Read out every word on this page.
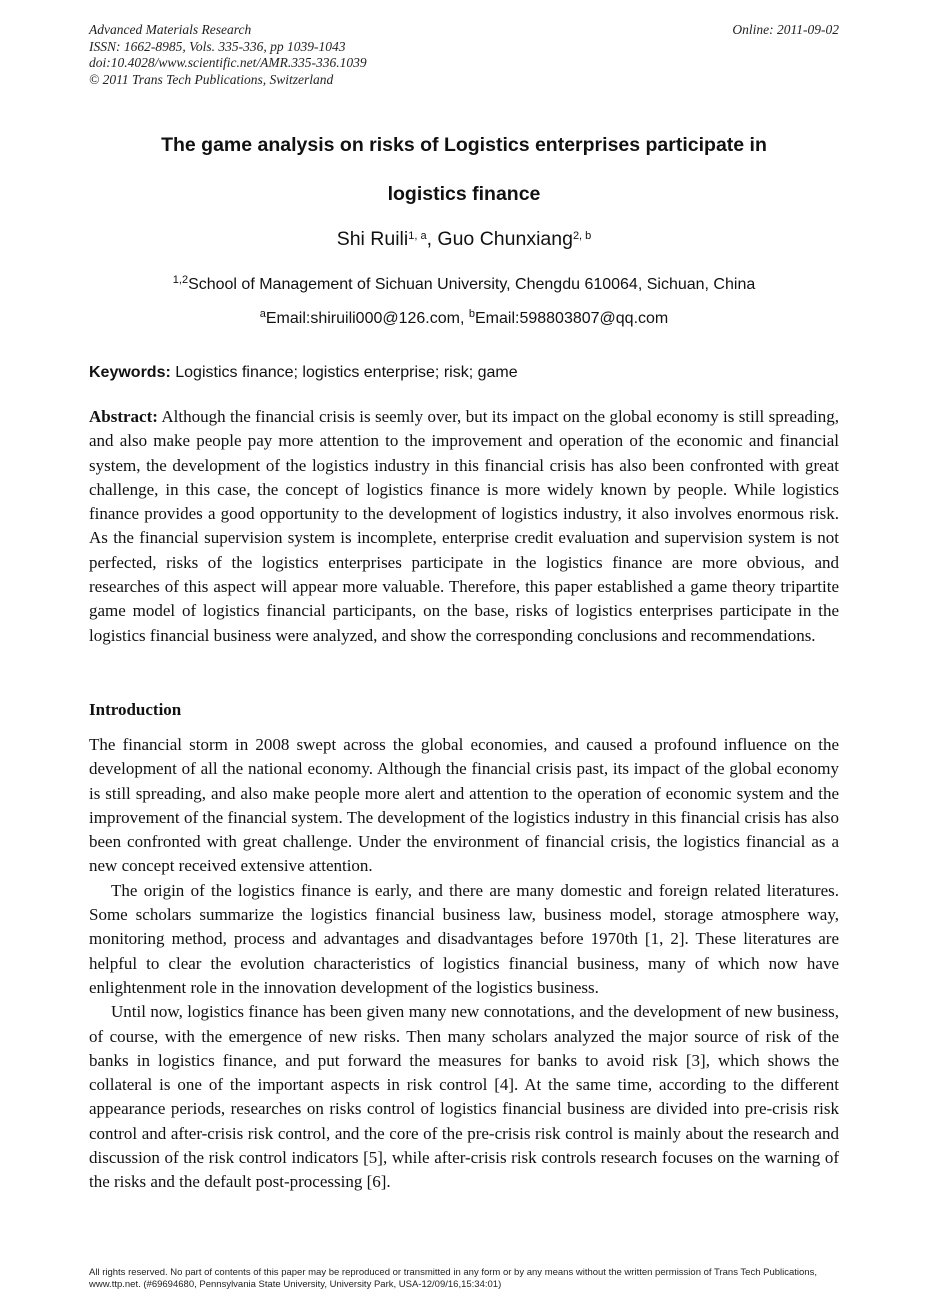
Advanced Materials Research
ISSN: 1662-8985, Vols. 335-336, pp 1039-1043
doi:10.4028/www.scientific.net/AMR.335-336.1039
© 2011 Trans Tech Publications, Switzerland
Online: 2011-09-02
The game analysis on risks of Logistics enterprises participate in
logistics finance
Shi Ruili$^{1, a}$, Guo Chunxiang$^{2, b}$
$^{1,2}$School of Management of Sichuan University, Chengdu 610064, Sichuan, China
$^a$Email:shiruili000@126.com, $^b$Email:598803807@qq.com
Keywords: Logistics finance; logistics enterprise; risk; game
Abstract: Although the financial crisis is seemly over, but its impact on the global economy is still spreading, and also make people pay more attention to the improvement and operation of the economic and financial system, the development of the logistics industry in this financial crisis has also been confronted with great challenge, in this case, the concept of logistics finance is more widely known by people. While logistics finance provides a good opportunity to the development of logistics industry, it also involves enormous risk. As the financial supervision system is incomplete, enterprise credit evaluation and supervision system is not perfected, risks of the logistics enterprises participate in the logistics finance are more obvious, and researches of this aspect will appear more valuable. Therefore, this paper established a game theory tripartite game model of logistics financial participants, on the base, risks of logistics enterprises participate in the logistics financial business were analyzed, and show the corresponding conclusions and recommendations.
Introduction

The financial storm in 2008 swept across the global economies, and caused a profound influence on the development of all the national economy. Although the financial crisis past, its impact of the global economy is still spreading, and also make people more alert and attention to the operation of economic system and the improvement of the financial system. The development of the logistics industry in this financial crisis has also been confronted with great challenge. Under the environment of financial crisis, the logistics financial as a new concept received extensive attention.

The origin of the logistics finance is early, and there are many domestic and foreign related literatures. Some scholars summarize the logistics financial business law, business model, storage atmosphere way, monitoring method, process and advantages and disadvantages before 1970th [1, 2]. These literatures are helpful to clear the evolution characteristics of logistics financial business, many of which now have enlightenment role in the innovation development of the logistics business.

Until now, logistics finance has been given many new connotations, and the development of new business, of course, with the emergence of new risks. Then many scholars analyzed the major source of risk of the banks in logistics finance, and put forward the measures for banks to avoid risk [3], which shows the collateral is one of the important aspects in risk control [4]. At the same time, according to the different appearance periods, researches on risks control of logistics financial business are divided into pre-crisis risk control and after-crisis risk control, and the core of the pre-crisis risk control is mainly about the research and discussion of the risk control indicators [5], while after-crisis risk controls research focuses on the warning of the risks and the default post-processing [6].

All rights reserved. No part of contents of this paper may be reproduced or transmitted in any form or by any means without the written permission of Trans Tech Publications, www.ttp.net. (#69694680, Pennsylvania State University, University Park, USA-12/09/16,15:34:01)
